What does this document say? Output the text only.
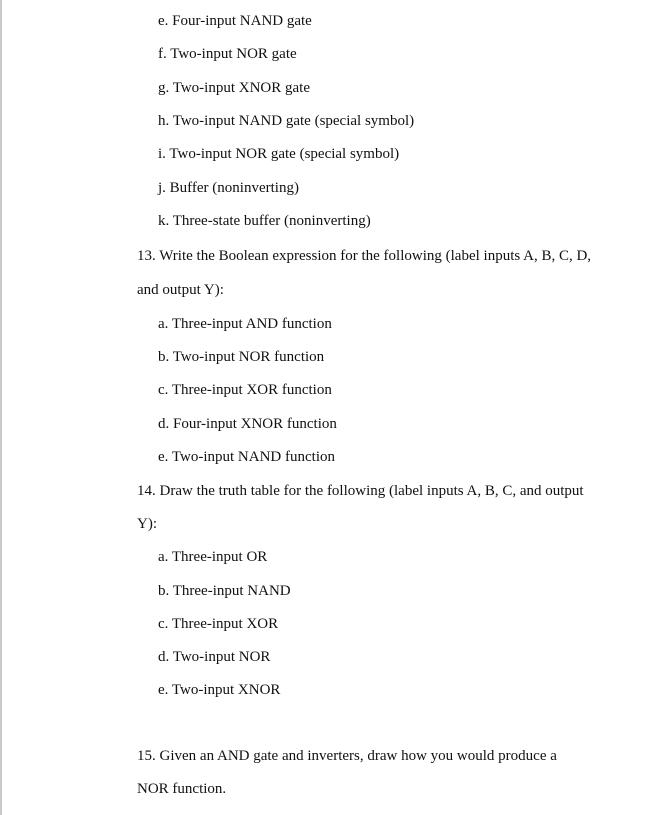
e. Four-input NAND gate
f. Two-input NOR gate
g. Two-input XNOR gate
h. Two-input NAND gate (special symbol)
i. Two-input NOR gate (special symbol)
j. Buffer (noninverting)
k. Three-state buffer (noninverting)
13. Write the Boolean expression for the following (label inputs A, B, C, D,
and output Y):
a. Three-input AND function
b. Two-input NOR function
c. Three-input XOR function
d. Four-input XNOR function
e. Two-input NAND function
14. Draw the truth table for the following (label inputs A, B, C, and output
Y):
a. Three-input OR
b. Three-input NAND
c. Three-input XOR
d. Two-input NOR
e. Two-input XNOR
15. Given an AND gate and inverters, draw how you would produce a
NOR function.
